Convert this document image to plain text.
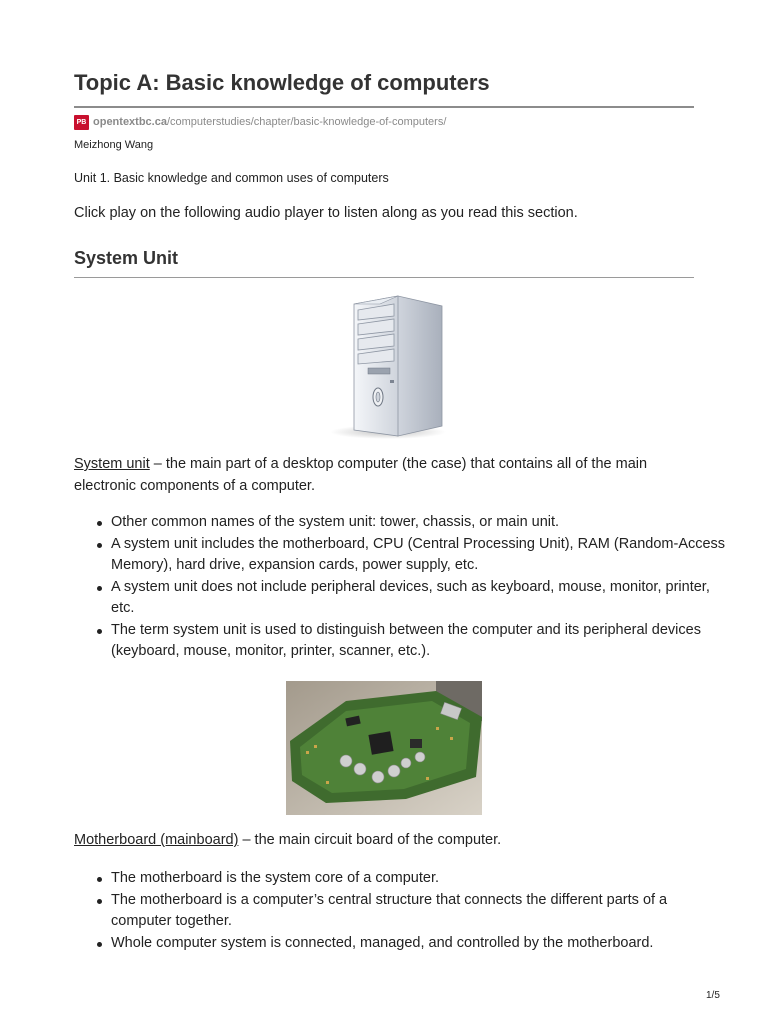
Topic A: Basic knowledge of computers
PB opentextbc.ca /computerstudies/chapter/basic-knowledge-of-computers/
Meizhong Wang
Unit 1. Basic knowledge and common uses of computers
Click play on the following audio player to listen along as you read this section.
System Unit

System unit – the main part of a desktop computer (the case) that contains all of the main electronic components of a computer.

Other common names of the system unit: tower, chassis, or main unit.
A system unit includes the motherboard, CPU (Central Processing Unit), RAM (Random-Access Memory), hard drive, expansion cards, power supply, etc.
A system unit does not include peripheral devices, such as keyboard, mouse, monitor, printer, etc.
The term system unit is used to distinguish between the computer and its peripheral devices (keyboard, mouse, monitor, printer, scanner, etc.).

Motherboard (mainboard) – the main circuit board of the computer.

The motherboard is the system core of a computer.
The motherboard is a computer’s central structure that connects the different parts of a computer together.
Whole computer system is connected, managed, and controlled by the motherboard.
1/5
